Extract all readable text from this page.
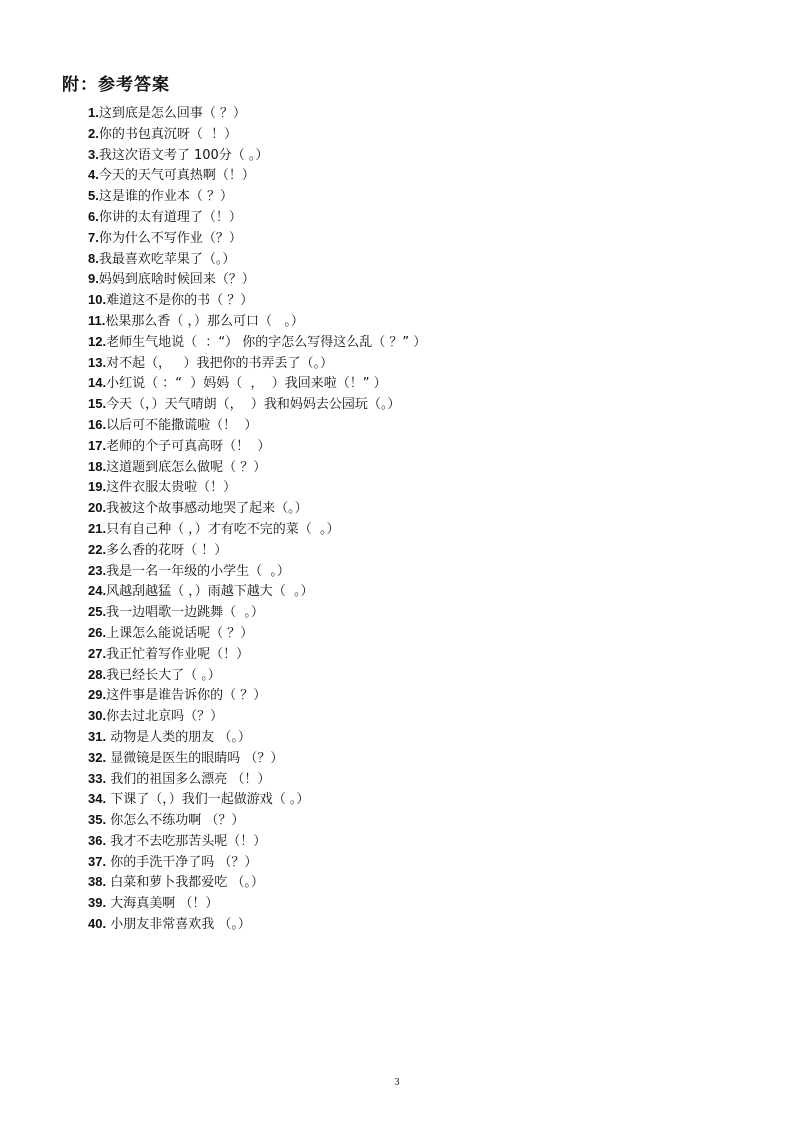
附：参考答案
1.这到底是怎么回事（ ？）
2.你的书包真沉呀（  ！）
3.我这次语文考了 100分（ 。）
4.今天的天气可真热啊（！）
5.这是谁的作业本（ ？）
6.你讲的太有道理了（！）
7.你为什么不写作业（？）
8.我最喜欢吃苹果了（。）
9.妈妈到底啥时候回来（？）
10.难道这不是你的书（ ？）
11.松果那么香（ ，）那么可口（   。）
12.老师生气地说（  ：“） 你的字怎么写得这么乱（ ？” ）
13.对不起（，   ）我把你的书弄丢了（。）
14.小红说（ ：“  ）妈妈（  ，  ）我回来啦（！” ）
15.今天（，）天气晴朗（，  ）我和妈妈去公园玩（。）
16.以后可不能撒谎啦（！  ）
17.老师的个子可真高呀（！  ）
18.这道题到底怎么做呢（ ？）
19.这件衣服太贵啦（！）
20.我被这个故事感动地哭了起来（。）
21.只有自己种（ ，）才有吃不完的菜（  。）
22.多么香的花呀（ ！）
23.我是一名一年级的小学生（  。）
24.风越刮越猛（ ，）雨越下越大（  。）
25.我一边唱歌一边跳舞（  。）
26.上课怎么能说话呢（ ？）
27.我正忙着写作业呢（！）
28.我已经长大了（ 。）
29.这件事是谁告诉你的（ ？）
30.你去过北京吗（？）
31. 动物是人类的朋友 （。）
32. 显微镜是医生的眼睛吗 （？）
33. 我们的祖国多么漂亮 （！）
34. 下课了（，）我们一起做游戏（ 。）
35. 你怎么不练功啊 （？）
36. 我才不去吃那苦头呢（！）
37. 你的手洗干净了吗 （？）
38. 白菜和萝卜我都爱吃 （。）
39. 大海真美啊 （！）
40. 小朋友非常喜欢我 （。）
3
